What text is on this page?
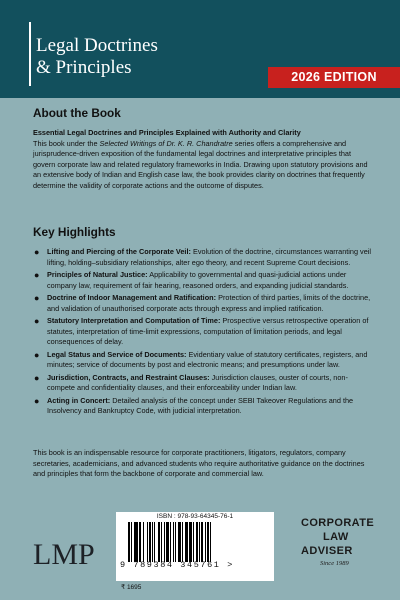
Legal Doctrines
& Principles	2026 EDITION
About the Book
Essential Legal Doctrines and Principles Explained with Authority and Clarity

This book under the Selected Writings of Dr. K. R. Chandratre series offers a comprehensive and jurisprudence-driven exposition of the fundamental legal doctrines and interpretative principles that govern corporate law and related regulatory frameworks in India. Drawing upon statutory provisions and an extensive body of Indian and English case law, the book provides clarity on doctrines that frequently determine the validity of corporate actions and the outcome of disputes.

Key Highlights
● Lifting and Piercing of the Corporate Veil: Evolution of the doctrine, circumstances warranting veil lifting, holding–subsidiary relationships, alter ego theory, and recent Supreme Court decisions.
● Principles of Natural Justice: Applicability to governmental and quasi-judicial actions under company law, requirement of fair hearing, reasoned orders, and expanding judicial standards.
● Doctrine of Indoor Management and Ratification: Protection of third parties, limits of the doctrine, and validation of unauthorised corporate acts through express and implied ratification.
● Statutory Interpretation and Computation of Time: Prospective versus retrospective operation of statutes, interpretation of time-limit expressions, computation of limitation periods, and legal consequences of delay.
● Legal Status and Service of Documents: Evidentiary value of statutory certificates, registers, and minutes; service of documents by post and electronic means; and presumptions under law.
● Jurisdiction, Contracts, and Restraint Clauses: Jurisdiction clauses, ouster of courts, non-compete and confidentiality clauses, and their enforceability under Indian law.
● Acting in Concert: Detailed analysis of the concept under SEBI Takeover Regulations and the Insolvency and Bankruptcy Code, with judicial interpretation.

This book is an indispensable resource for corporate practitioners, litigators, regulators, company secretaries, academicians, and advanced students who require authoritative guidance on the doctrines and principles that form the backbone of corporate and commercial law.

LMP
ISBN : 978-93-64345-76-1
9 789384 345761 >
₹ 1695
CORPORATE
LAW
ADVISER
Since 1989
